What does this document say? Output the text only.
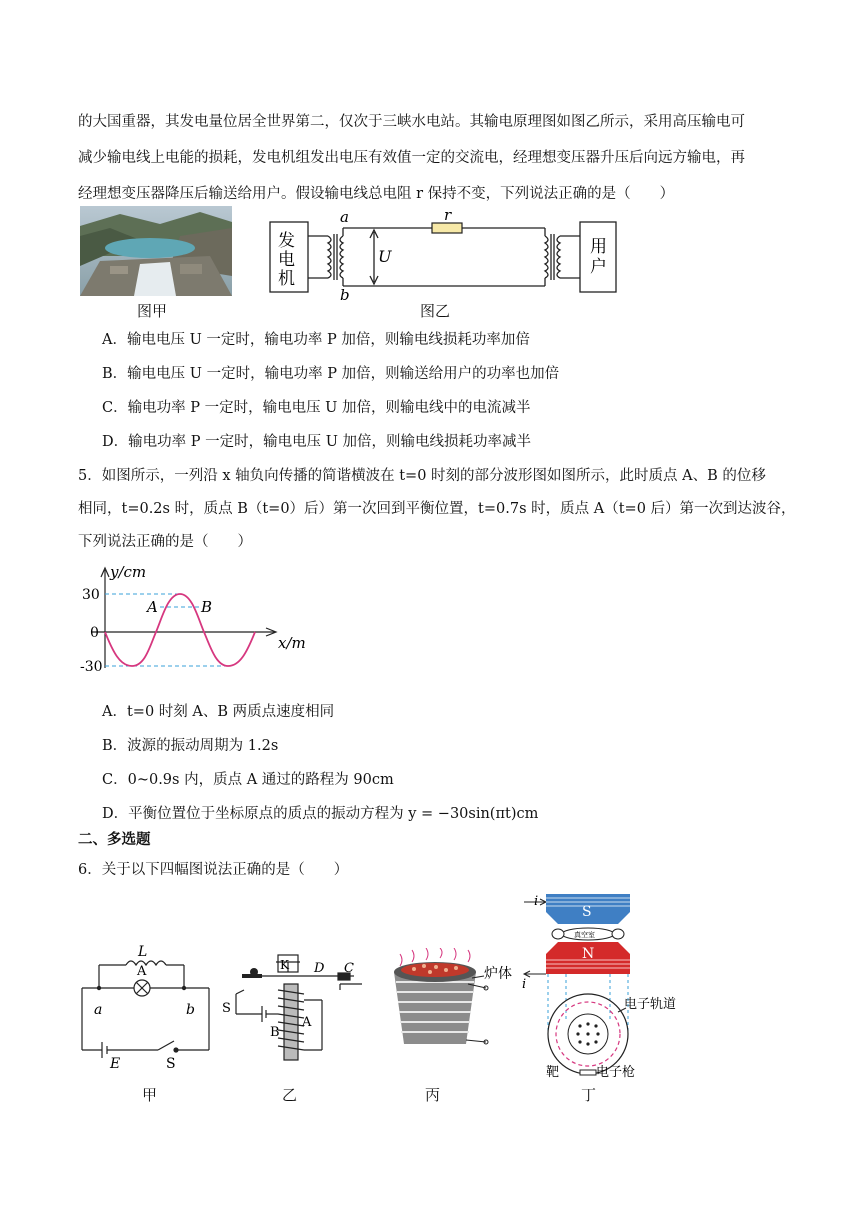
的大国重器，其发电量位居全世界第二，仅次于三峡水电站。其输电原理图如图乙所示，采用高压输电可
减少输电线上电能的损耗，发电机组发出电压有效值一定的交流电，经理想变压器升压后向远方输电，再
经理想变压器降压后输送给用户。假设输电线总电阻 r 保持不变，下列说法正确的是（　　）
图甲
发
电
机
用
户
a
b
U
r
图乙
A．输电电压 U 一定时，输电功率 P 加倍，则输电线损耗功率加倍
B．输电电压 U 一定时，输电功率 P 加倍，则输送给用户的功率也加倍
C．输电功率 P 一定时，输电电压 U 加倍，则输电线中的电流减半
D．输电功率 P 一定时，输电电压 U 加倍，则输电线损耗功率减半
5．如图所示，一列沿 x 轴负向传播的简谐横波在 t=0 时刻的部分波形图如图所示，此时质点 A、B 的位移
相同，t=0.2s 时，质点 B（t=0）后）第一次回到平衡位置，t=0.7s 时，质点 A（t=0 后）第一次到达波谷，
下列说法正确的是（　　）
y/cm
x/m
30
0
-30
A	B
A．t=0 时刻 A、B 两质点速度相同
B．波源的振动周期为 1.2s
C．0~0.9s 内，质点 A 通过的路程为 90cm
D．平衡位置位于坐标原点的质点的振动方程为 y = −30sin(πt)cm
二、多选题
6．关于以下四幅图说法正确的是（　　）
L
A
a	b
E	S
甲
K D C
S
A
B
乙
炉体
丙
i
i
S
N
真空室
电子轨道
靶	电子枪
丁
